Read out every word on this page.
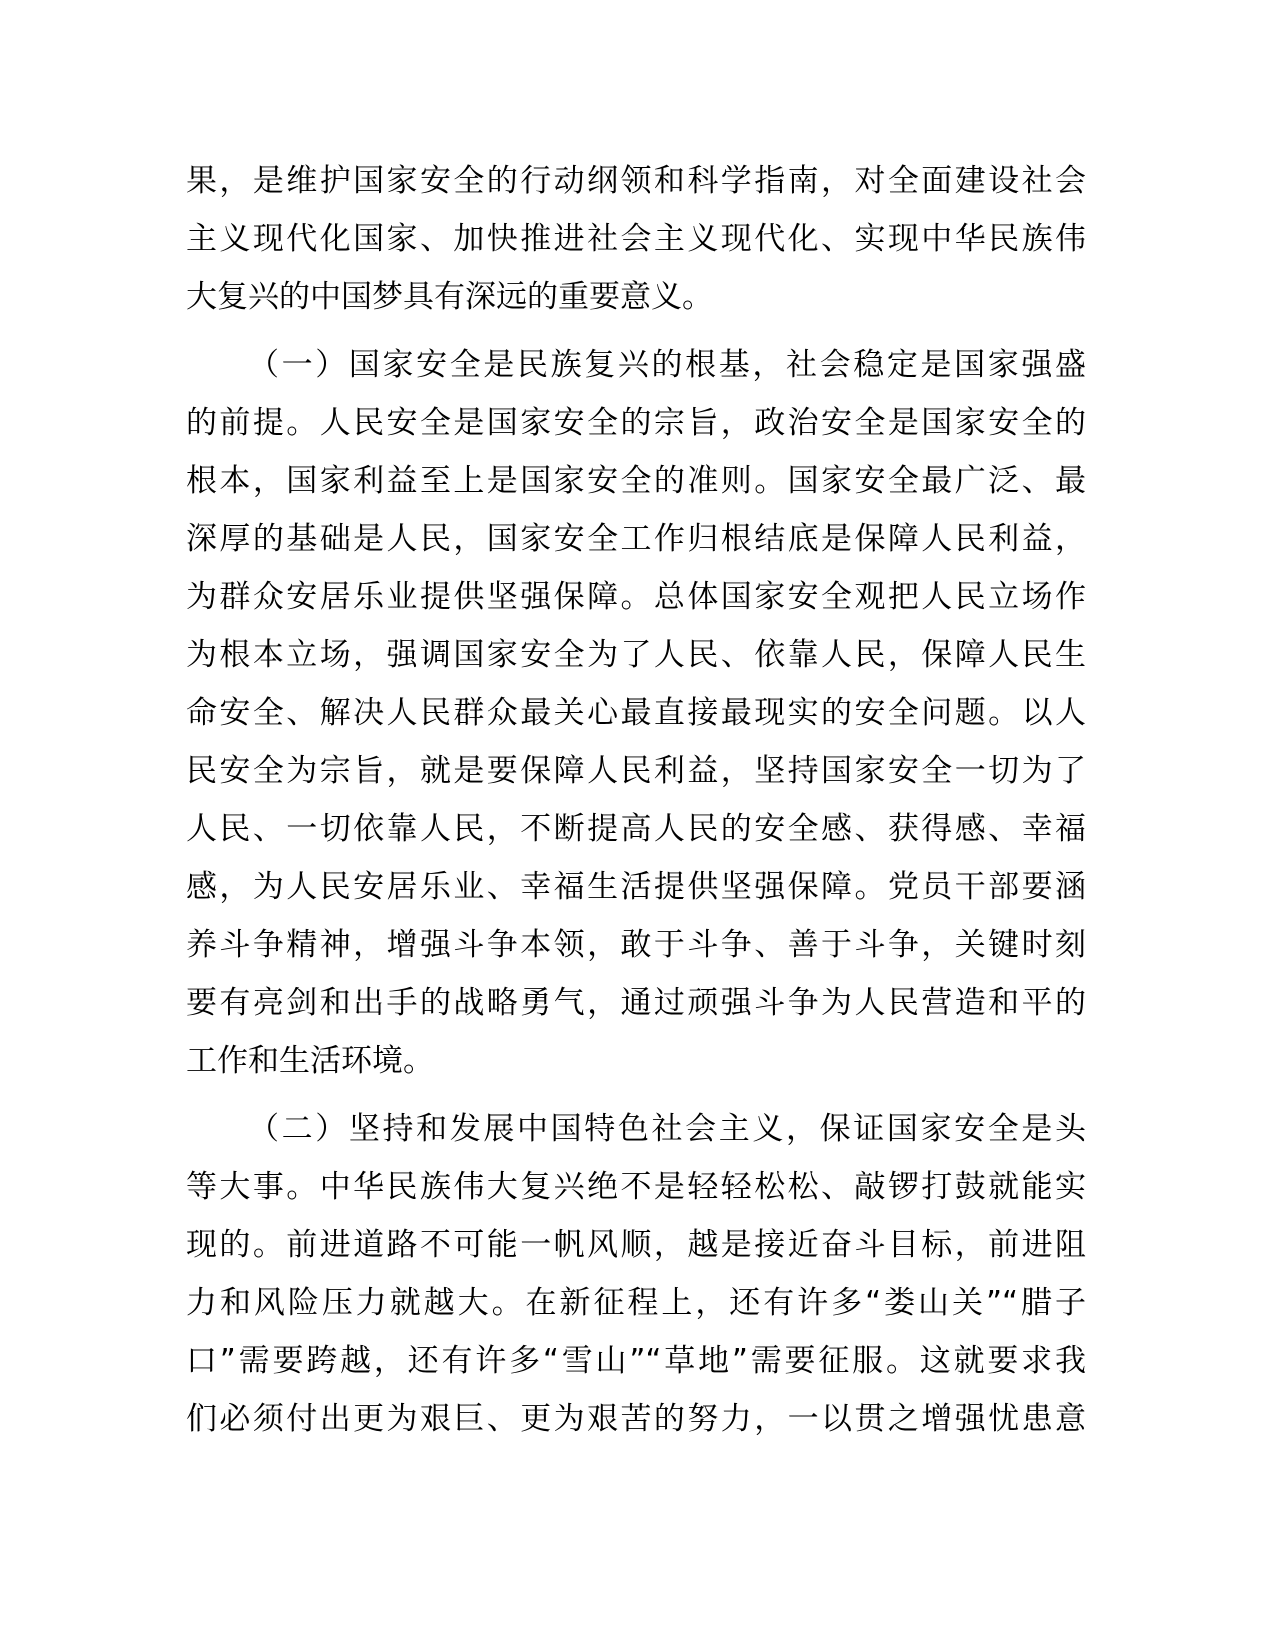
果，是维护国家安全的行动纲领和科学指南，对全面建设社会
主义现代化国家、加快推进社会主义现代化、实现中华民族伟
大复兴的中国梦具有深远的重要意义。
（一）国家安全是民族复兴的根基，社会稳定是国家强盛
的前提。人民安全是国家安全的宗旨，政治安全是国家安全的
根本，国家利益至上是国家安全的准则。国家安全最广泛、最
深厚的基础是人民，国家安全工作归根结底是保障人民利益，
为群众安居乐业提供坚强保障。总体国家安全观把人民立场作
为根本立场，强调国家安全为了人民、依靠人民，保障人民生
命安全、解决人民群众最关心最直接最现实的安全问题。以人
民安全为宗旨，就是要保障人民利益，坚持国家安全一切为了
人民、一切依靠人民，不断提高人民的安全感、获得感、幸福
感，为人民安居乐业、幸福生活提供坚强保障。党员干部要涵
养斗争精神，增强斗争本领，敢于斗争、善于斗争，关键时刻
要有亮剑和出手的战略勇气，通过顽强斗争为人民营造和平的
工作和生活环境。
（二）坚持和发展中国特色社会主义，保证国家安全是头
等大事。中华民族伟大复兴绝不是轻轻松松、敲锣打鼓就能实
现的。前进道路不可能一帆风顺，越是接近奋斗目标，前进阻
力和风险压力就越大。在新征程上，还有许多“娄山关”“腊子
口”需要跨越，还有许多“雪山”“草地”需要征服。这就要求我
们必须付出更为艰巨、更为艰苦的努力，一以贯之增强忧患意
